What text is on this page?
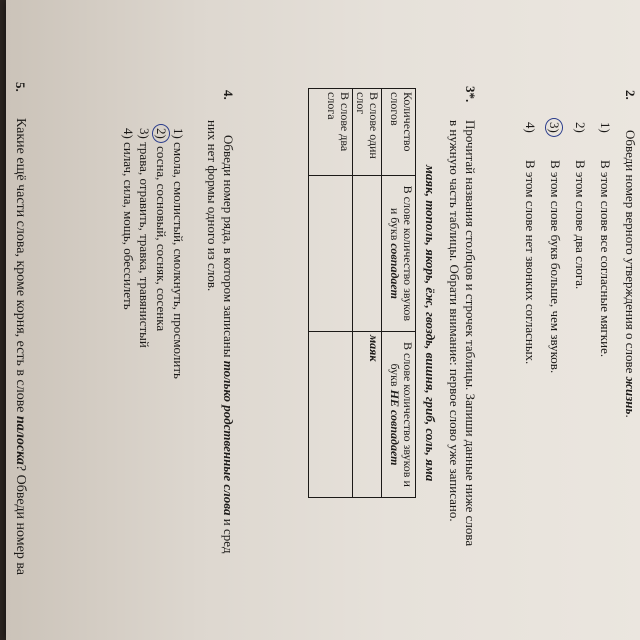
2.
Обведи номер верного утверждения о слове жизнь.
1)
В этом слове все согласные мягкие.
2)
В этом слове два слога.
3)
В этом слове букв больше, чем звуков.
4)
В этом слове нет звонких согласных.
3*.
Прочитай названия столбцов и строчек таблицы. Запиши данные ниже слова
в нужную часть таблицы. Обрати внимание: первое слово уже записано.
маяк, тополь, якорь, ёж, гвоздь, вишня, гриб, соль, яма
Количество слогов	В слове количество звуков
и букв совпадает	В слове количество звуков и
букв НЕ совпадает
В слове один слог		маяк
В слове два слога		
4.
Обведи номер ряда, в котором записаны только родственные слова и сред
них нет формы одного из слов.
1) смола, смолистый, смолкнуть, просмолить
2) сосна, сосновый, сосняк, сосенка
3) трава, отравить, травка, травянистый
4) силач, сила, мощь, обессилеть
5.
Какие ещё части слова, кроме корня, есть в слове палоска? Обведи номер ва
